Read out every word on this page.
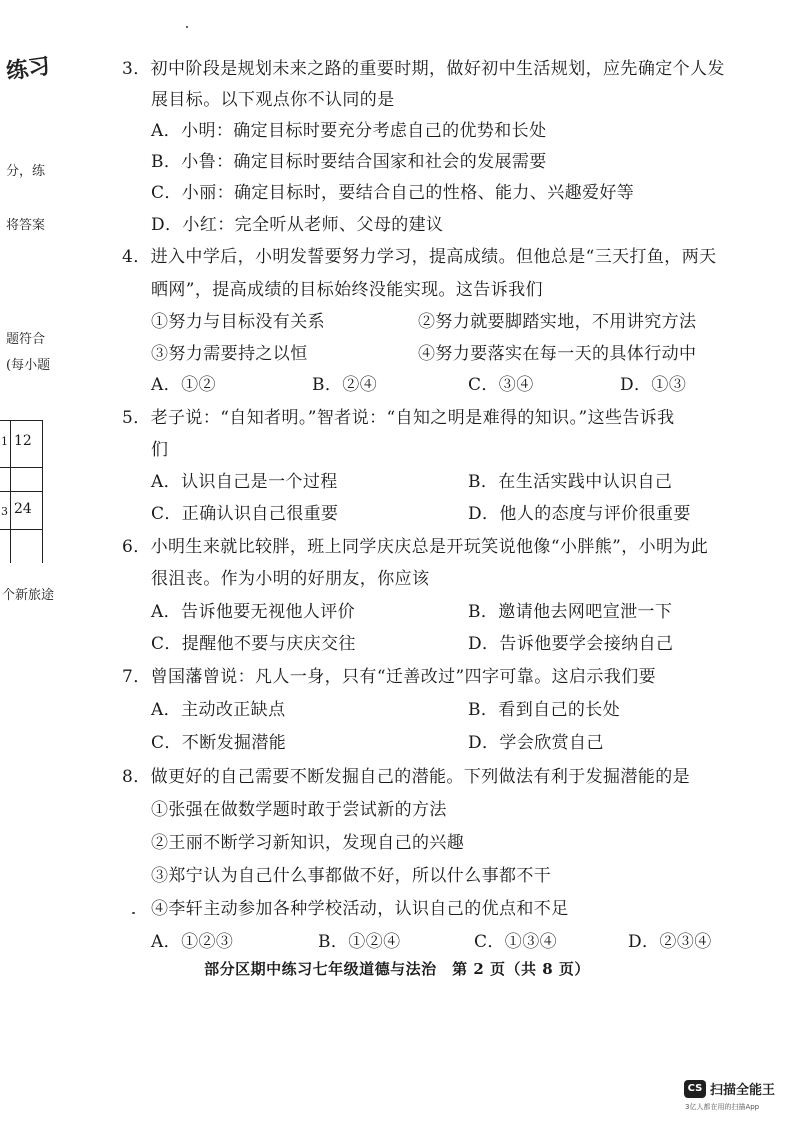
练习
分，练
将答案
题符合
(每小题
1 12
3 24
个新旅途
3．初中阶段是规划未来之路的重要时期，做好初中生活规划，应先确定个人发
展目标。以下观点你不认同的是
A．小明：确定目标时要充分考虑自己的优势和长处
B．小鲁：确定目标时要结合国家和社会的发展需要
C．小丽：确定目标时，要结合自己的性格、能力、兴趣爱好等
D．小红：完全听从老师、父母的建议
4．进入中学后，小明发誓要努力学习，提高成绩。但他总是“三天打鱼，两天
晒网”，提高成绩的目标始终没能实现。这告诉我们
①努力与目标没有关系	②努力就要脚踏实地，不用讲究方法
③努力需要持之以恒	④努力要落实在每一天的具体行动中
A．①②	B．②④	C．③④	D．①③
5．老子说：“自知者明。”智者说：“自知之明是难得的知识。”这些告诉我
们
A．认识自己是一个过程	B．在生活实践中认识自己
C．正确认识自己很重要	D．他人的态度与评价很重要
6．小明生来就比较胖，班上同学庆庆总是开玩笑说他像“小胖熊”，小明为此
很沮丧。作为小明的好朋友，你应该
A．告诉他要无视他人评价	B．邀请他去网吧宣泄一下
C．提醒他不要与庆庆交往	D．告诉他要学会接纳自己
7．曾国藩曾说：凡人一身，只有“迁善改过”四字可靠。这启示我们要
A．主动改正缺点	B．看到自己的长处
C．不断发掘潜能	D．学会欣赏自己
8．做更好的自己需要不断发掘自己的潜能。下列做法有利于发掘潜能的是
①张强在做数学题时敢于尝试新的方法
②王丽不断学习新知识，发现自己的兴趣
③郑宁认为自己什么事都做不好，所以什么事都不干
④李轩主动参加各种学校活动，认识自己的优点和不足
A．①②③	B．①②④	C．①③④	D．②③④
部分区期中练习七年级道德与法治　第 2 页（共 8 页）
CS 扫描全能王
3亿人都在用的扫描App
